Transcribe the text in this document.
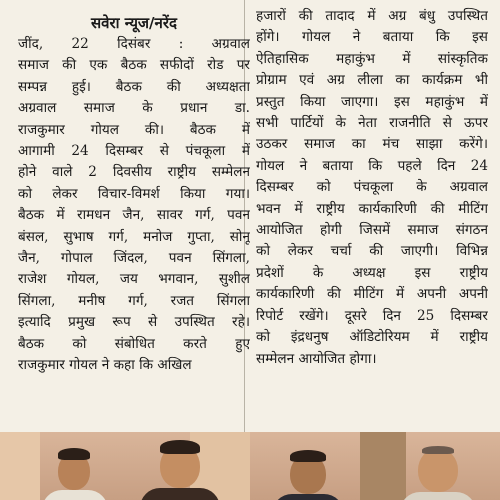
सवेरा न्यूज/नरेंद
जींद, 22 दिसंबर : अग्रवाल
समाज की एक बैठक सफीदों रोड पर
सम्पन्न हुई। बैठक की अध्यक्षता
अग्रवाल समाज के प्रधान डा.
राजकुमार गोयल की। बैठक में
आगामी 24 दिसम्बर से पंचकूला में
होने वाले 2 दिवसीय राष्ट्रीय सम्मेलन
को लेकर विचार-विमर्श किया गया।
बैठक में रामधन जैन, सावर गर्ग, पवन
बंसल, सुभाष गर्ग, मनोज गुप्ता, सोनू
जैन, गोपाल जिंदल, पवन सिंगला,
राजेश गोयल, जय भगवान, सुशील
सिंगला, मनीष गर्ग, रजत सिंगला
इत्यादि प्रमुख रूप से उपस्थित रहे।
बैठक को संबोधित करते हुए
राजकुमार गोयल ने कहा कि अखिल
हजारों की तादाद में अग्र बंधु उपस्थित
होंगे। गोयल ने बताया कि इस
ऐतिहासिक महाकुंभ में सांस्कृतिक
प्रोग्राम एवं अग्र लीला का कार्यक्रम भी
प्रस्तुत किया जाएगा। इस महाकुंभ में
सभी पार्टियों के नेता राजनीति से ऊपर
उठकर समाज का मंच साझा करेंगे।
गोयल ने बताया कि पहले दिन 24
दिसम्बर को पंचकूला के अग्रवाल
भवन में राष्ट्रीय कार्यकारिणी की मीटिंग
आयोजित होगी जिसमें समाज संगठन
को लेकर चर्चा की जाएगी। विभिन्न
प्रदेशों के अध्यक्ष इस राष्ट्रीय
कार्यकारिणी की मीटिंग में अपनी अपनी
रिपोर्ट रखेंगे। दूसरे दिन 25 दिसम्बर
को इंद्रधनुष ऑडिटोरियम में राष्ट्रीय
सम्मेलन आयोजित होगा।
